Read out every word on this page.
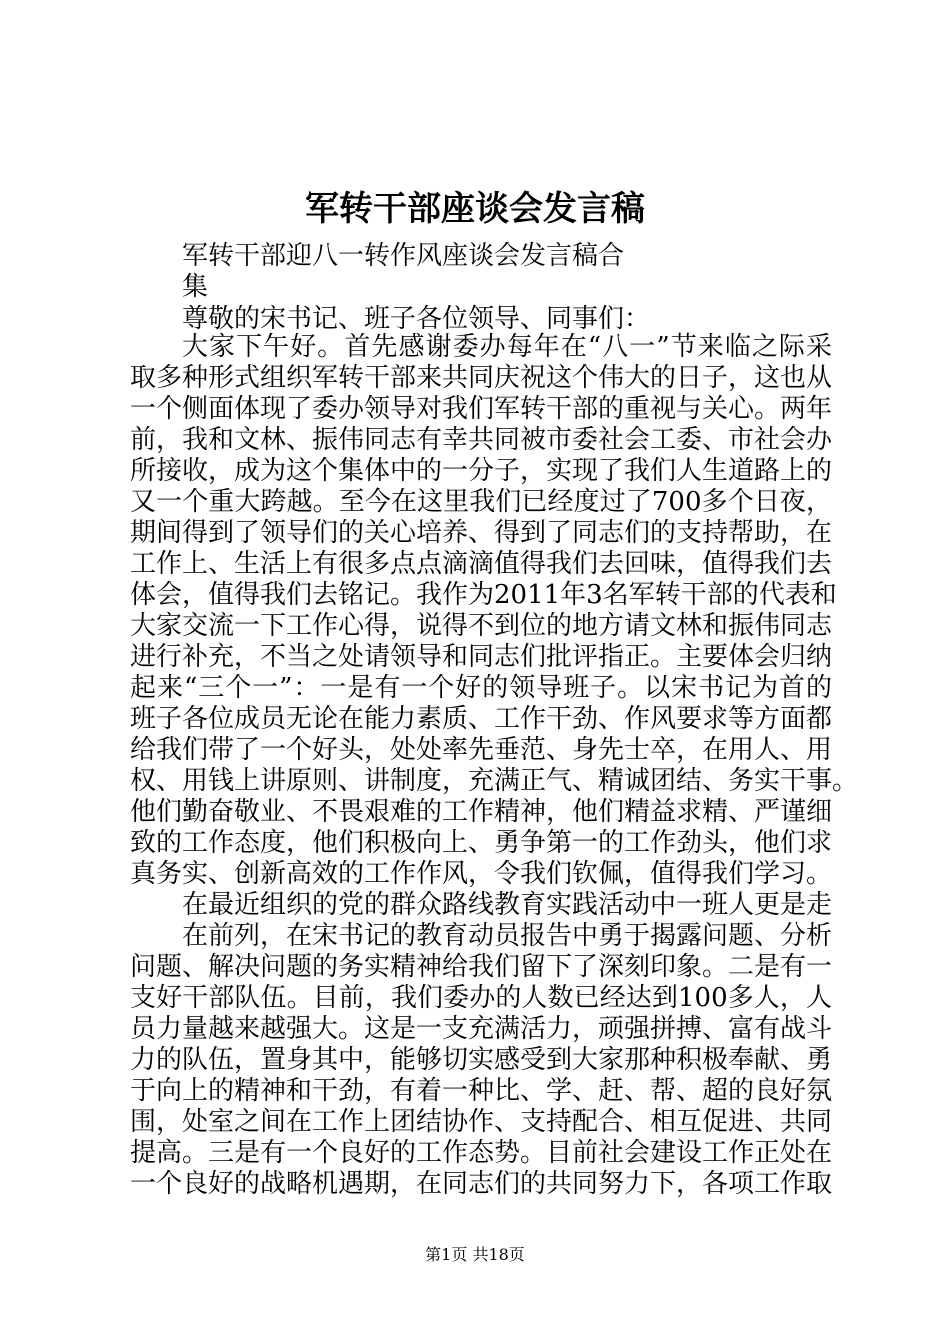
军转干部座谈会发言稿
军转干部迎八一转作风座谈会发言稿合
集
尊敬的宋书记、班子各位领导、同事们：
大家下午好。首先感谢委办每年在“八一”节来临之际采
取多种形式组织军转干部来共同庆祝这个伟大的日子，这也从
一个侧面体现了委办领导对我们军转干部的重视与关心。两年
前，我和文林、振伟同志有幸共同被市委社会工委、市社会办
所接收，成为这个集体中的一分子，实现了我们人生道路上的
又一个重大跨越。至今在这里我们已经度过了700多个日夜，
期间得到了领导们的关心培养、得到了同志们的支持帮助，在
工作上、生活上有很多点点滴滴值得我们去回味，值得我们去
体会，值得我们去铭记。我作为2011年3名军转干部的代表和
大家交流一下工作心得，说得不到位的地方请文林和振伟同志
进行补充，不当之处请领导和同志们批评指正。主要体会归纳
起来“三个一”：一是有一个好的领导班子。以宋书记为首的
班子各位成员无论在能力素质、工作干劲、作风要求等方面都
给我们带了一个好头，处处率先垂范、身先士卒，在用人、用
权、用钱上讲原则、讲制度，充满正气、精诚团结、务实干事。
他们勤奋敬业、不畏艰难的工作精神，他们精益求精、严谨细
致的工作态度，他们积极向上、勇争第一的工作劲头，他们求
真务实、创新高效的工作作风，令我们钦佩，值得我们学习。
在最近组织的党的群众路线教育实践活动中一班人更是走
在前列，在宋书记的教育动员报告中勇于揭露问题、分析
问题、解决问题的务实精神给我们留下了深刻印象。二是有一
支好干部队伍。目前，我们委办的人数已经达到100多人，人
员力量越来越强大。这是一支充满活力，顽强拼搏、富有战斗
力的队伍，置身其中，能够切实感受到大家那种积极奉献、勇
于向上的精神和干劲，有着一种比、学、赶、帮、超的良好氛
围，处室之间在工作上团结协作、支持配合、相互促进、共同
提高。三是有一个良好的工作态势。目前社会建设工作正处在
一个良好的战略机遇期，在同志们的共同努力下，各项工作取
第1页 共18页
